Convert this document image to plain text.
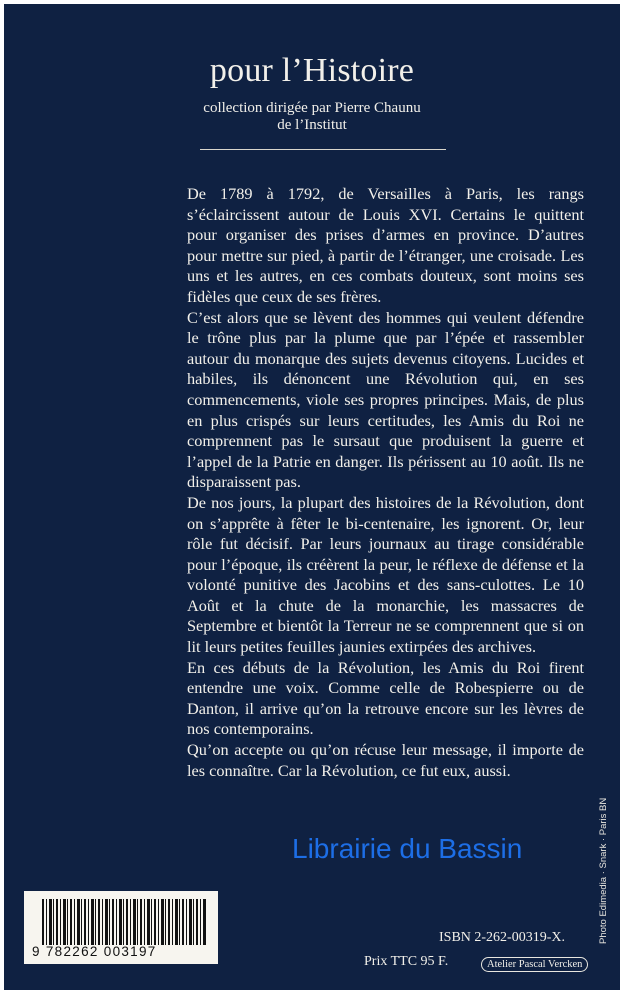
pour l’Histoire
collection dirigée par Pierre Chaunu
de l’Institut

De 1789 à 1792, de Versailles à Paris, les rangs s’éclaircissent autour de Louis XVI. Certains le quittent pour organiser des prises d’armes en province. D’autres pour mettre sur pied, à partir de l’étranger, une croisade. Les uns et les autres, en ces combats douteux, sont moins ses fidèles que ceux de ses frères.

C’est alors que se lèvent des hommes qui veulent défendre le trône plus par la plume que par l’épée et rassembler autour du monarque des sujets devenus citoyens. Lucides et habiles, ils dénoncent une Révolution qui, en ses commencements, viole ses propres principes. Mais, de plus en plus crispés sur leurs certitudes, les Amis du Roi ne comprennent pas le sursaut que produisent la guerre et l’appel de la Patrie en danger. Ils périssent au 10 août. Ils ne disparaissent pas.

De nos jours, la plupart des histoires de la Révolution, dont on s’apprête à fêter le bi-centenaire, les ignorent. Or, leur rôle fut décisif. Par leurs journaux au tirage considérable pour l’époque, ils créèrent la peur, le réflexe de défense et la volonté punitive des Jacobins et des sans-culottes. Le 10 Août et la chute de la monarchie, les massacres de Septembre et bientôt la Terreur ne se comprennent que si on lit leurs petites feuilles jaunies extirpées des archives.

En ces débuts de la Révolution, les Amis du Roi firent entendre une voix. Comme celle de Robespierre ou de Danton, il arrive qu’on la retrouve encore sur les lèvres de nos contemporains.

Qu’on accepte ou qu’on récuse leur message, il importe de les connaître. Car la Révolution, ce fut eux, aussi.

Photo Edimedia · Snark · Paris BN
9 782262 003197
ISBN 2-262-00319-X.
Prix TTC 95 F.	Atelier Pascal Vercken
Librairie du Bassin
